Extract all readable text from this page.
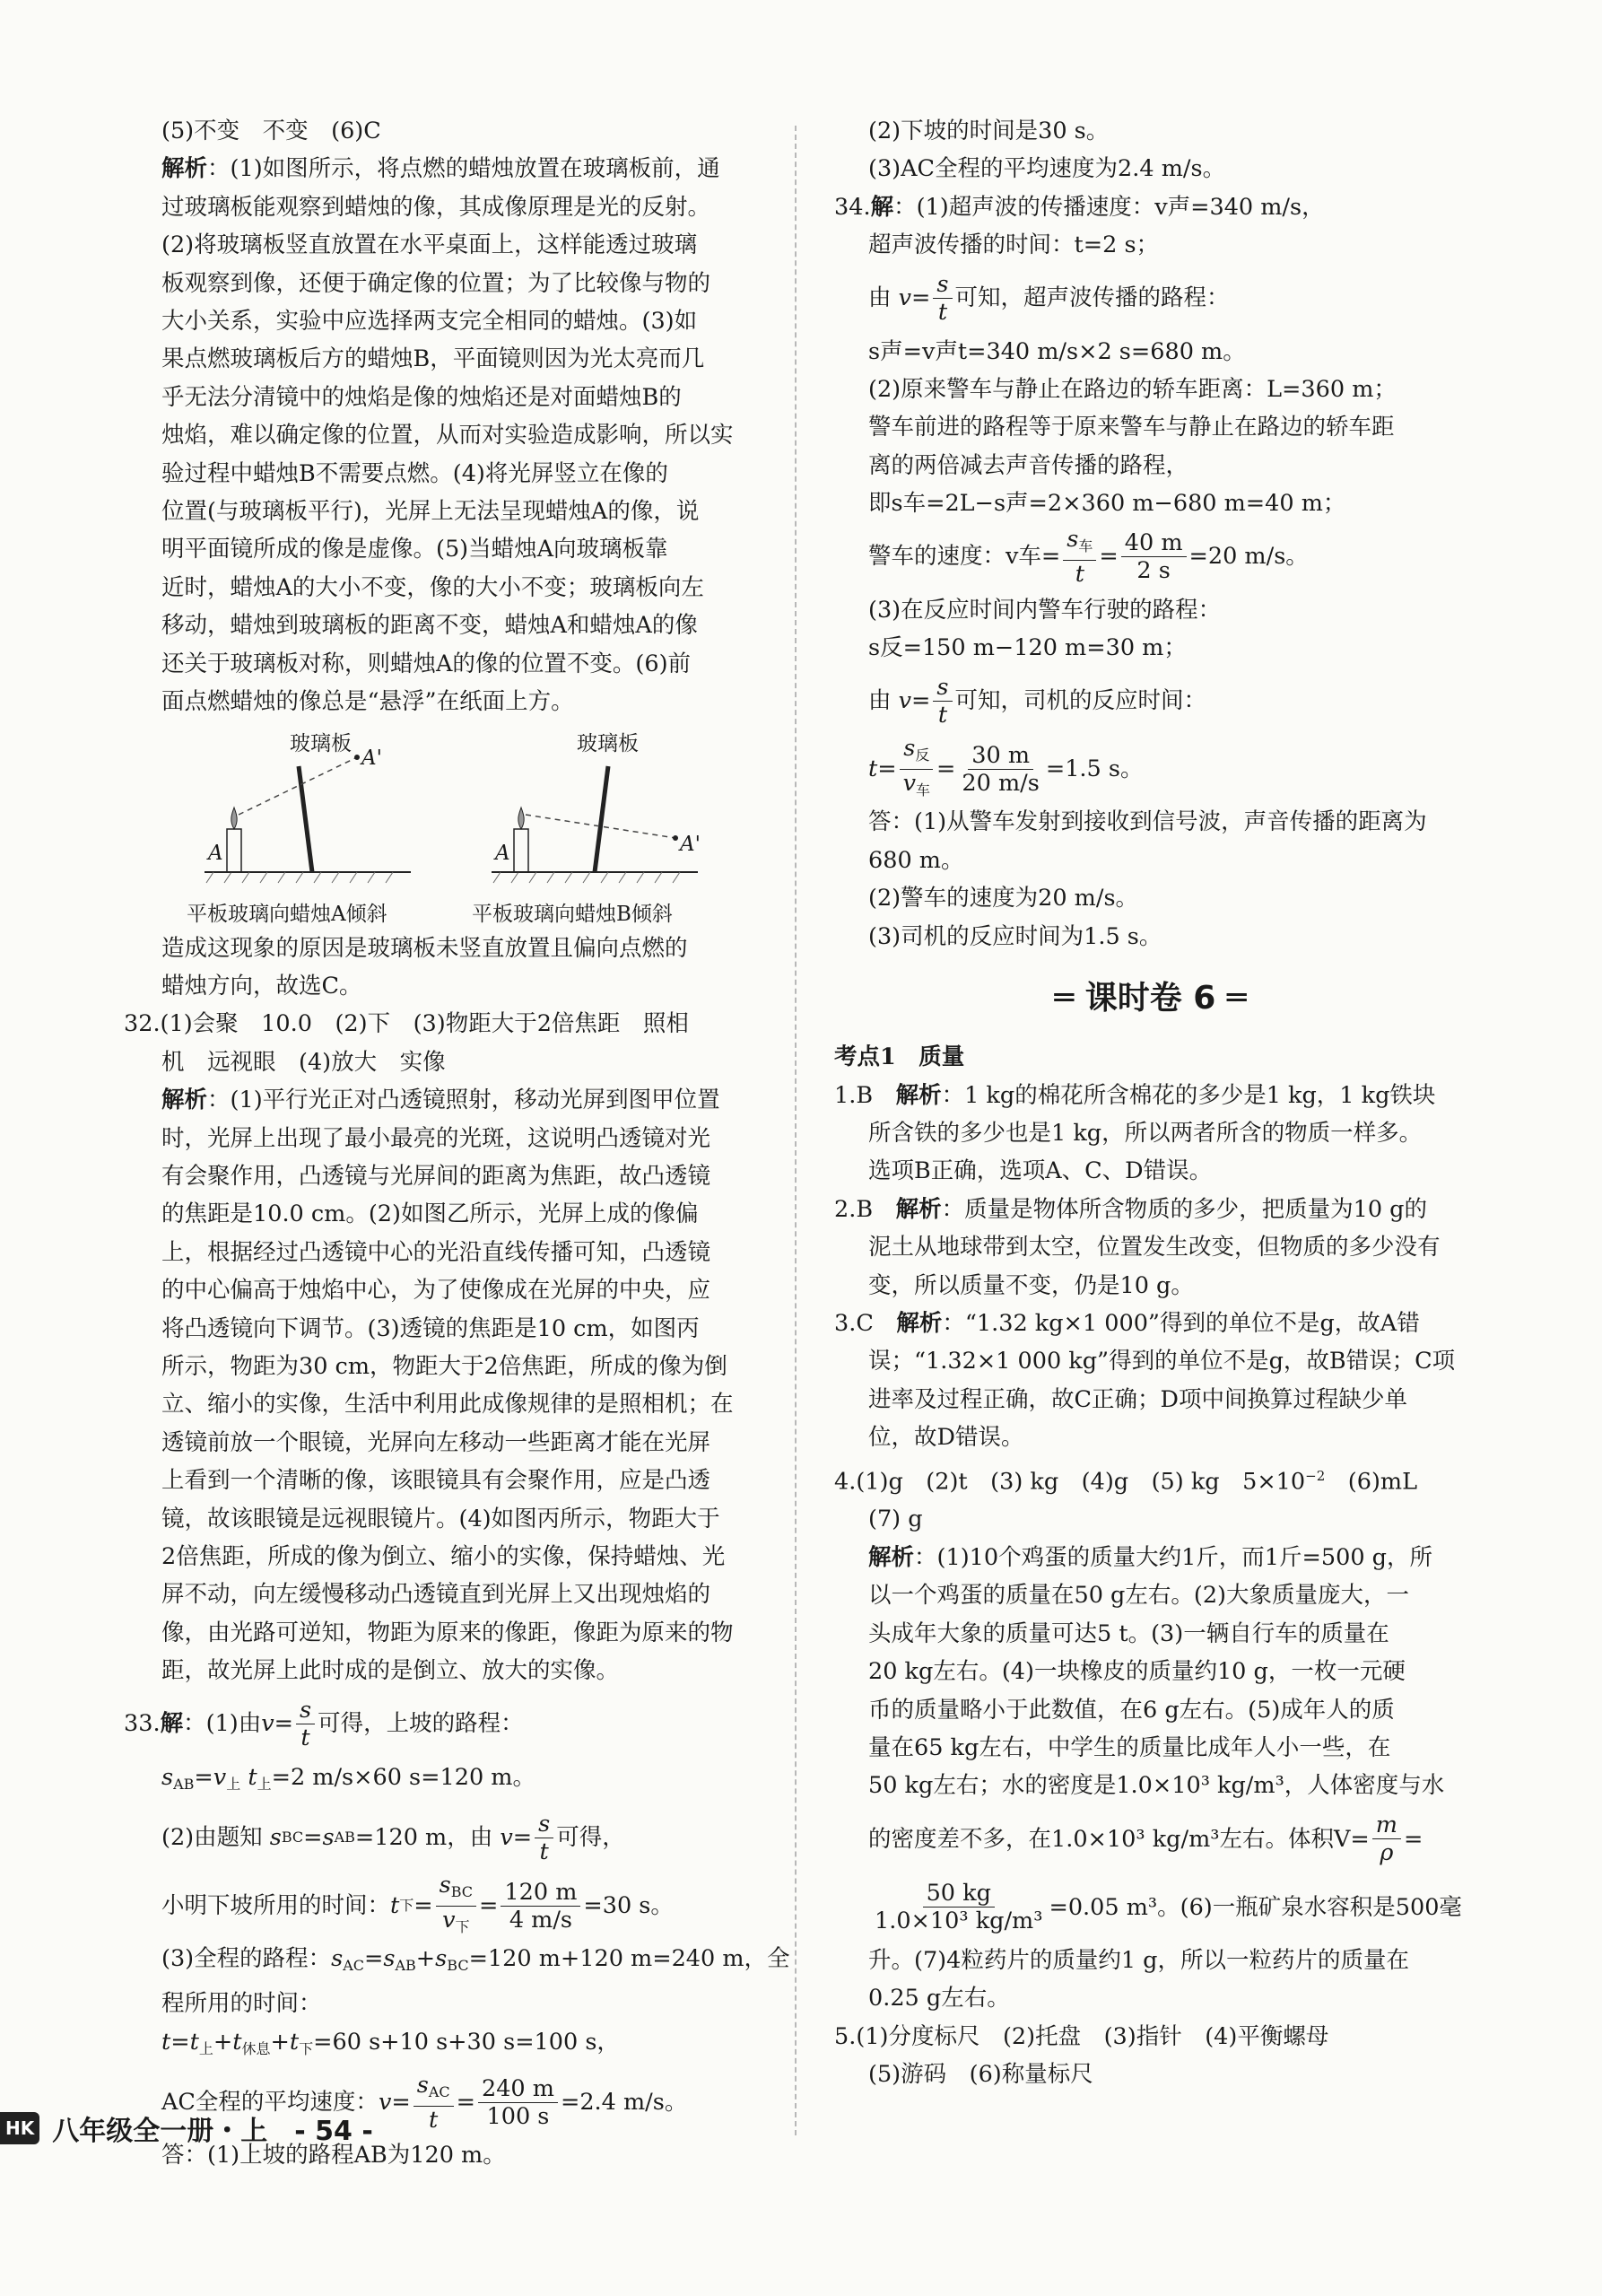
(5)不变　不变　(6)C
解析：(1)如图所示，将点燃的蜡烛放置在玻璃板前，通
过玻璃板能观察到蜡烛的像，其成像原理是光的反射。
(2)将玻璃板竖直放置在水平桌面上，这样能透过玻璃
板观察到像，还便于确定像的位置；为了比较像与物的
大小关系，实验中应选择两支完全相同的蜡烛。(3)如
果点燃玻璃板后方的蜡烛B，平面镜则因为光太亮而几
乎无法分清镜中的烛焰是像的烛焰还是对面蜡烛B的
烛焰，难以确定像的位置，从而对实验造成影响，所以实
验过程中蜡烛B不需要点燃。(4)将光屏竖立在像的
位置(与玻璃板平行)，光屏上无法呈现蜡烛A的像，说
明平面镜所成的像是虚像。(5)当蜡烛A向玻璃板靠
近时，蜡烛A的大小不变，像的大小不变；玻璃板向左
移动，蜡烛到玻璃板的距离不变，蜡烛A和蜡烛A的像
还关于玻璃板对称，则蜡烛A的像的位置不变。(6)前
面点燃蜡烛的像总是“悬浮”在纸面上方。
玻璃板	玻璃板
A
A'
A	A'
平板玻璃向蜡烛A倾斜	平板玻璃向蜡烛B倾斜
造成这现象的原因是玻璃板未竖直放置且偏向点燃的
蜡烛方向，故选C。
32.(1)会聚　10.0　(2)下　(3)物距大于2倍焦距　照相
机　远视眼　(4)放大　实像
解析：(1)平行光正对凸透镜照射，移动光屏到图甲位置
时，光屏上出现了最小最亮的光斑，这说明凸透镜对光
有会聚作用，凸透镜与光屏间的距离为焦距，故凸透镜
的焦距是10.0 cm。(2)如图乙所示，光屏上成的像偏
上，根据经过凸透镜中心的光沿直线传播可知，凸透镜
的中心偏高于烛焰中心，为了使像成在光屏的中央，应
将凸透镜向下调节。(3)透镜的焦距是10 cm，如图丙
所示，物距为30 cm，物距大于2倍焦距，所成的像为倒
立、缩小的实像，生活中利用此成像规律的是照相机；在
透镜前放一个眼镜，光屏向左移动一些距离才能在光屏
上看到一个清晰的像，该眼镜具有会聚作用，应是凸透
镜，故该眼镜是远视眼镜片。(4)如图丙所示，物距大于
2倍焦距，所成的像为倒立、缩小的实像，保持蜡烛、光
屏不动，向左缓慢移动凸透镜直到光屏上又出现烛焰的
像，由光路可逆知，物距为原来的像距，像距为原来的物
距，故光屏上此时成的是倒立、放大的实像。
33. 解 ：(1)由 $v = \frac{s}{t}$ 可得，上坡的路程：
$s_{AB}=v_上$ $t_上=2$ m/s×60 s=120 m。
(2)由题知
s BC = s AB =120 m，由
$v = \frac{s}{t}$ 可得，
小明下坡所用的时间： t 下 = $\frac{s_{BC}}{v_下} = \frac{120 m}{4 m/s} =30$ s。
(3)全程的路程：$s_{AC}=s_{AB}+s_{BC}=120$ m+120 m=240 m，全
程所用的时间：
$t=t_上+t_{休息}+t_下=60$ s+10 s+30 s=100 s，
AC全程的平均速度： $v = \frac{s_{AC}}{t} = \frac{240 m}{100 s} =2.4$ m/s。
答：(1)上坡的路程AB为120 m。
(2)下坡的时间是30 s。
(3)AC全程的平均速度为2.4 m/s。
34.解：(1)超声波的传播速度：v声=340 m/s，
超声波传播的时间：t=2 s；
由
$v = \frac{s}{t}$ 可知，超声波传播的路程：
s声=v声t=340 m/s×2 s=680 m。
(2)原来警车与静止在路边的轿车距离：L=360 m；
警车前进的路程等于原来警车与静止在路边的轿车距
离的两倍减去声音传播的路程，
即s车=2L−s声=2×360 m−680 m=40 m；
警车的速度：v车= $\frac{s_车}{t} = \frac{40 m}{2 s} =20$ m/s。
(3)在反应时间内警车行驶的路程：
s反=150 m−120 m=30 m；
由
$v = \frac{s}{t}$ 可知，司机的反应时间：
$t = \frac{s_反}{v_车} = \frac{30 m}{20 m/s} =1.5$ s。
答：(1)从警车发射到接收到信号波，声音传播的距离为
680 m。
(2)警车的速度为20 m/s。
(3)司机的反应时间为1.5 s。
═ 课时卷 6 ═
考点1　质量
1.B　解析：1 kg的棉花所含棉花的多少是1 kg，1 kg铁块
所含铁的多少也是1 kg，所以两者所含的物质一样多。
选项B正确，选项A、C、D错误。
2.B　解析：质量是物体所含物质的多少，把质量为10 g的
泥土从地球带到太空，位置发生改变，但物质的多少没有
变，所以质量不变，仍是10 g。
3.C　解析：“1.32 kg×1 000”得到的单位不是g，故A错
误；“1.32×1 000 kg”得到的单位不是g，故B错误；C项
进率及过程正确，故C正确；D项中间换算过程缺少单
位，故D错误。
4.(1)g　(2)t　(3) kg　(4)g　(5) kg　$5\times 10^{-2}$　(6)mL
(7) g
解析：(1)10个鸡蛋的质量大约1斤，而1斤=500 g，所
以一个鸡蛋的质量在50 g左右。(2)大象质量庞大，一
头成年大象的质量可达5 t。(3)一辆自行车的质量在
20 kg左右。(4)一块橡皮的质量约10 g，一枚一元硬
币的质量略小于此数值，在6 g左右。(5)成年人的质
量在65 kg左右，中学生的质量比成年人小一些，在
50 kg左右；水的密度是1.0×10³ kg/m³，人体密度与水
的密度差不多，在1.0×10³ kg/m³左右。体积$V= \frac{m}{\rho}$ =
$\frac{50 kg}{\text{1.0×10³ kg/m³}} =0.05$ m³。(6)一瓶矿泉水容积是500毫
升。(7)4粒药片的质量约1 g，所以一粒药片的质量在
0.25 g左右。
5.(1)分度标尺　(2)托盘　(3)指针　(4)平衡螺母
(5)游码　(6)称量标尺
HK 八年级全一册・上　- 54 -
